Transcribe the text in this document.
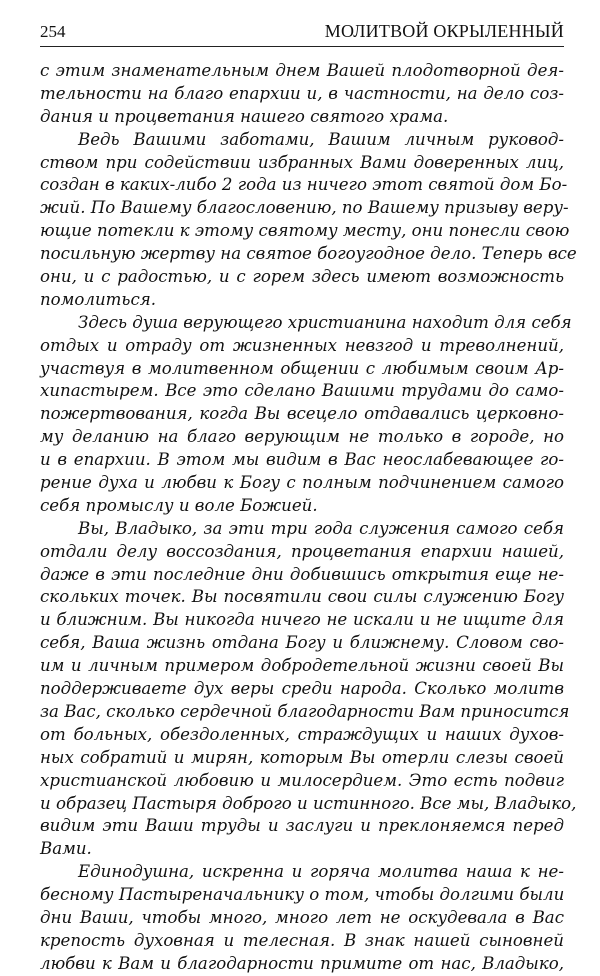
254	МОЛИТВОЙ ОКРЫЛЕННЫЙ
с этим знаменательным днем Вашей плодотворной дея-
тельности на благо епархии и, в частности, на дело соз-
дания и процветания нашего святого храма.
Ведь Вашими заботами, Вашим личным руковод-
ством при содействии избранных Вами доверенных лиц,
создан в каких-либо 2 года из ничего этот святой дом Бо-
жий. По Вашему благословению, по Вашему призыву веру-
ющие потекли к этому святому месту, они понесли свою
посильную жертву на святое богоугодное дело. Теперь все
они, и с радостью, и с горем здесь имеют возможность
помолиться.
Здесь душа верующего христианина находит для себя
отдых и отраду от жизненных невзгод и треволнений,
участвуя в молитвенном общении с любимым своим Ар-
хипастырем. Все это сделано Вашими трудами до само-
пожертвования, когда Вы всецело отдавались церковно-
му деланию на благо верующим не только в городе, но
и в епархии. В этом мы видим в Вас неослабевающее го-
рение духа и любви к Богу с полным подчинением самого
себя промыслу и воле Божией.
Вы, Владыко, за эти три года служения самого себя
отдали делу воссоздания, процветания епархии нашей,
даже в эти последние дни добившись открытия еще не-
скольких точек. Вы посвятили свои силы служению Богу
и ближним. Вы никогда ничего не искали и не ищите для
себя, Ваша жизнь отдана Богу и ближнему. Словом сво-
им и личным примером добродетельной жизни своей Вы
поддерживаете дух веры среди народа. Сколько молитв
за Вас, сколько сердечной благодарности Вам приносится
от больных, обездоленных, страждущих и наших духов-
ных собратий и мирян, которым Вы отерли слезы своей
христианской любовию и милосердием. Это есть подвиг
и образец Пастыря доброго и истинного. Все мы, Владыко,
видим эти Ваши труды и заслуги и преклоняемся перед
Вами.
Единодушна, искренна и горяча молитва наша к не-
бесному Пастыреначальнику о том, чтобы долгими были
дни Ваши, чтобы много, много лет не оскудевала в Вас
крепость духовная и телесная. В знак нашей сыновней
любви к Вам и благодарности примите от нас, Владыко,
